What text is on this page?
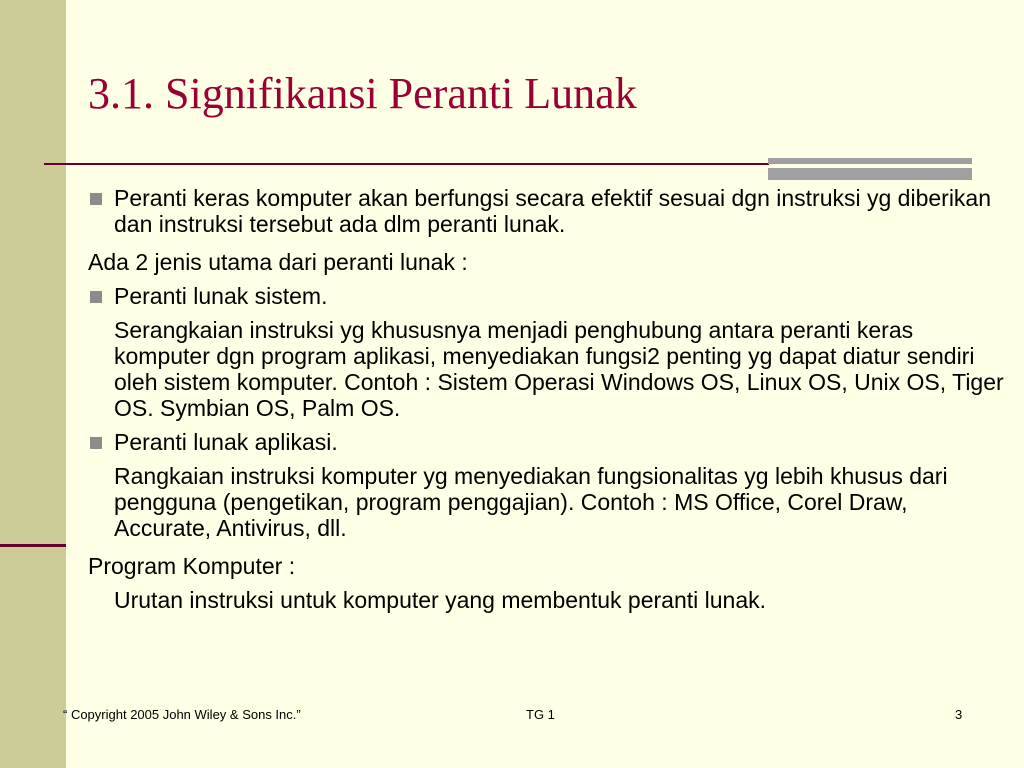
3.1. Signifikansi Peranti Lunak
Peranti keras komputer akan berfungsi secara efektif sesuai dgn instruksi yg diberikan dan instruksi tersebut ada dlm peranti lunak.
Ada 2 jenis utama dari peranti lunak :
Peranti lunak sistem.
Serangkaian instruksi yg khususnya menjadi penghubung antara peranti keras komputer dgn program aplikasi, menyediakan fungsi2 penting yg dapat diatur sendiri oleh sistem komputer. Contoh : Sistem Operasi Windows OS, Linux OS, Unix OS, Tiger OS. Symbian OS, Palm OS.
Peranti lunak aplikasi.
Rangkaian instruksi komputer yg menyediakan fungsionalitas yg lebih khusus dari pengguna (pengetikan, program penggajian). Contoh : MS Office, Corel Draw, Accurate, Antivirus, dll.
Program Komputer :
Urutan instruksi untuk komputer yang membentuk peranti lunak.
“ Copyright 2005 John Wiley & Sons Inc.”	TG 1	3
